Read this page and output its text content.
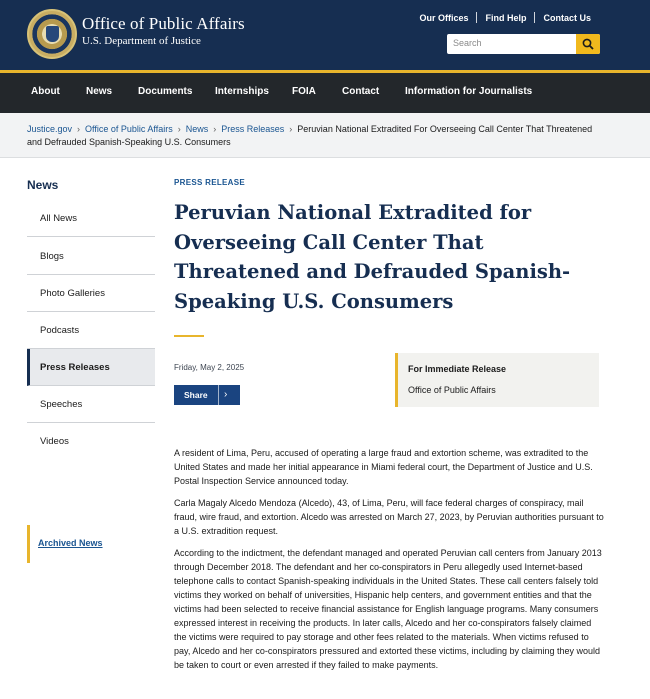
Office of Public Affairs
U.S. Department of Justice
Our Offices	Find Help	Contact Us
Search
About	News	Documents Internships FOIA	Contact	Information for Journalists
Justice.gov › Office of Public Affairs › News › Press Releases › Peruvian National Extradited For Overseeing Call Center That Threatened and Defrauded Spanish-Speaking U.S. Consumers
News
All News
Blogs
Photo Galleries
Podcasts
Press Releases
Speeches
Videos
Archived News
PRESS RELEASE
Peruvian National Extradited for Overseeing Call Center That Threatened and Defrauded Spanish-Speaking U.S. Consumers
Friday, May 2, 2025
Share ›
For Immediate Release
Office of Public Affairs

A resident of Lima, Peru, accused of operating a large fraud and extortion scheme, was extradited to the United States and made her initial appearance in Miami federal court, the Department of Justice and U.S. Postal Inspection Service announced today.

Carla Magaly Alcedo Mendoza (Alcedo), 43, of Lima, Peru, will face federal charges of conspiracy, mail fraud, wire fraud, and extortion. Alcedo was arrested on March 27, 2023, by Peruvian authorities pursuant to a U.S. extradition request.

According to the indictment, the defendant managed and operated Peruvian call centers from January 2013 through December 2018. The defendant and her co-conspirators in Peru allegedly used Internet-based telephone calls to contact Spanish-speaking individuals in the United States. These call centers falsely told victims they worked on behalf of universities, Hispanic help centers, and government entities and that the victims had been selected to receive financial assistance for English language programs. Many consumers expressed interest in receiving the products. In later calls, Alcedo and her co-conspirators falsely claimed the victims were required to pay storage and other fees related to the materials. When victims refused to pay, Alcedo and her co-conspirators pressured and extorted these victims, including by claiming they would be taken to court or even arrested if they failed to make payments.
